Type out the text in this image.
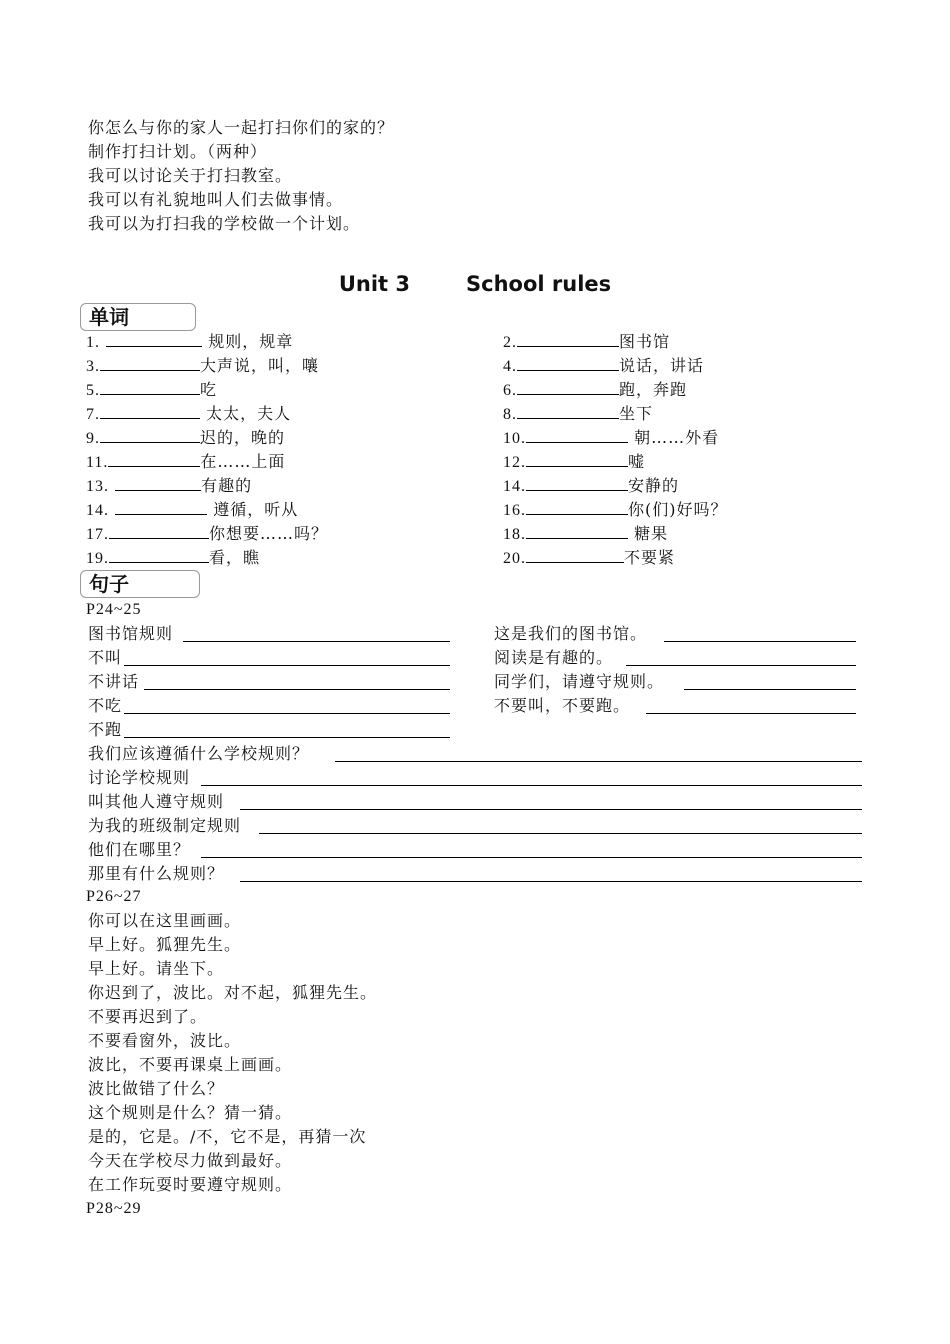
你怎么与你的家人一起打扫你们的家的？
制作打扫计划。（两种）
我可以讨论关于打扫教室。
我可以有礼貌地叫人们去做事情。
我可以为打扫我的学校做一个计划。
Unit 3	School rules
单词
1.	规则，规章
3.	大声说，叫，嚷
5.	吃
7.	太太，夫人
9.	迟的，晚的
11.	在……上面
13.	有趣的
14.	遵循，听从
17.	你想要……吗？
19.	看，瞧
2.	图书馆
4.	说话，讲话
6.	跑，奔跑
8.	坐下
10.	朝……外看
12.	嘘
14.	安静的
16.	你(们)好吗？
18.	糖果
20.	不要紧
句子
P24~25
图书馆规则
不叫
不讲话
不吃
不跑
这是我们的图书馆。
阅读是有趣的。
同学们，请遵守规则。
不要叫，不要跑。
我们应该遵循什么学校规则？
讨论学校规则
叫其他人遵守规则
为我的班级制定规则
他们在哪里？
那里有什么规则？
P26~27
你可以在这里画画。
早上好。狐狸先生。
早上好。请坐下。
你迟到了，波比。对不起，狐狸先生。
不要再迟到了。
不要看窗外，波比。
波比，不要再课桌上画画。
波比做错了什么？
这个规则是什么？猜一猜。
是的，它是。/不，它不是，再猜一次
今天在学校尽力做到最好。
在工作玩耍时要遵守规则。
P28~29
